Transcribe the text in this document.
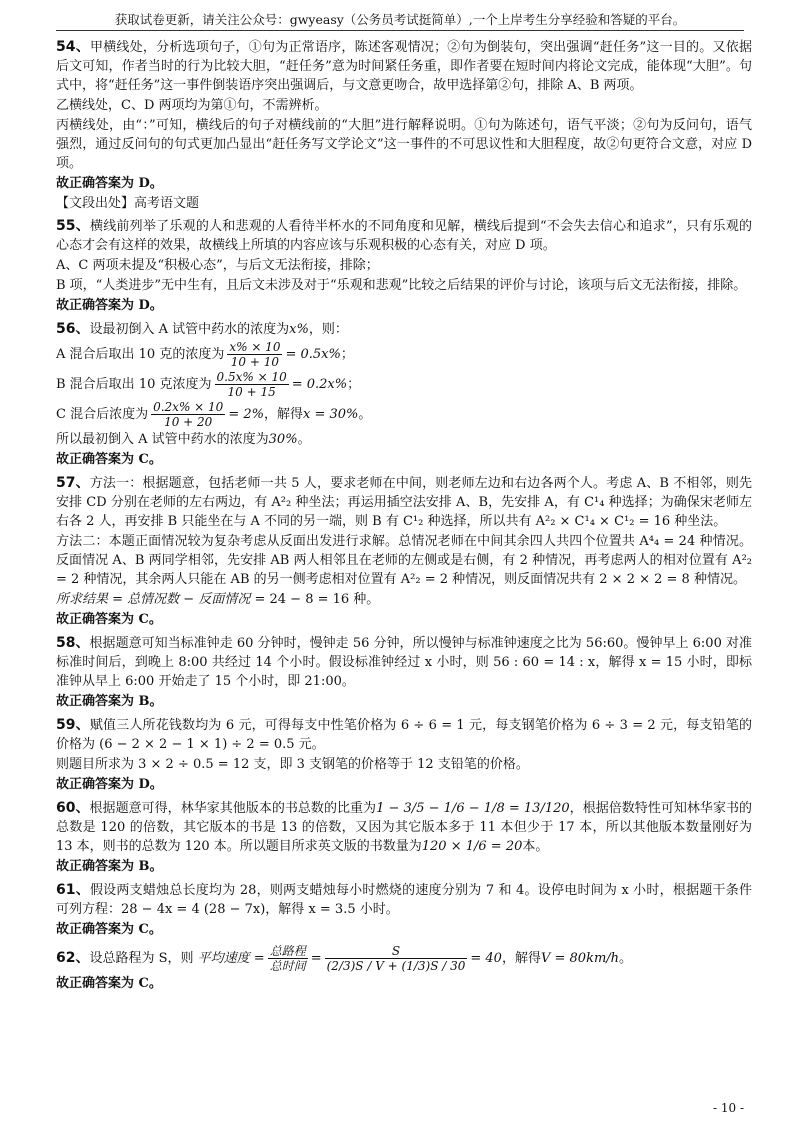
获取试卷更新，请关注公众号：gwyeasy（公务员考试挺简单）,一个上岸考生分享经验和答疑的平台。

54、甲横线处，分析选项句子，①句为正常语序，陈述客观情况；②句为倒装句，突出强调“赶任务”这一目的。又依据后文可知，作者当时的行为比较大胆，“赶任务”意为时间紧任务重，即作者要在短时间内将论文完成，能体现“大胆”。句式中，将“赶任务”这一事件倒装语序突出强调后，与文意更吻合，故甲选择第②句，排除 A、B 两项。

乙横线处，C、D 两项均为第①句，不需辨析。

丙横线处，由“：”可知，横线后的句子对横线前的“大胆”进行解释说明。①句为陈述句，语气平淡；②句为反问句，语气强烈，通过反问句的句式更加凸显出“赶任务写文学论文”这一事件的不可思议性和大胆程度，故②句更符合文意，对应 D 项。

故正确答案为 D。

【文段出处】高考语文题

55、横线前列举了乐观的人和悲观的人看待半杯水的不同角度和见解，横线后提到“不会失去信心和追求”，只有乐观的心态才会有这样的效果，故横线上所填的内容应该与乐观积极的心态有关，对应 D 项。

A、C 两项未提及“积极心态”，与后文无法衔接，排除；

B 项，“人类进步”无中生有，且后文未涉及对于“乐观和悲观”比较之后结果的评价与讨论，该项与后文无法衔接，排除。

故正确答案为 D。

56、设最初倒入 A 试管中药水的浓度为x%，则：

A 混合后取出 10 克的浓度为 $\frac{x\% \times 10}{10 + 10} = 0.5x\%$；
B 混合后取出 10 克浓度为 $\frac{0.5x\% \times 10}{10 + 15} = 0.2x\%$；
C 混合后浓度为 $\frac{0.2x\% \times 10}{10 + 20} = 2\%$，解得x = 30%。

所以最初倒入 A 试管中药水的浓度为30%。

故正确答案为 C。

57、方法一：根据题意，包括老师一共 5 人，要求老师在中间，则老师左边和右边各两个人。考虑 A、B 不相邻，则先安排 CD 分别在老师的左右两边，有 A²₂ 种坐法；再运用插空法安排 A、B，先安排 A，有 C¹₄ 种选择；为确保宋老师左右各 2 人，再安排 B 只能坐在与 A 不同的另一端，则 B 有 C¹₂ 种选择，所以共有 A²₂ × C¹₄ × C¹₂ = 16 种坐法。

方法二：本题正面情况较为复杂考虑从反面出发进行求解。总情况老师在中间其余四人共四个位置共 A⁴₄ = 24 种情况。反面情况 A、B 两同学相邻，先安排 AB 两人相邻且在老师的左侧或是右侧，有 2 种情况，再考虑两人的相对位置有 A²₂ = 2 种情况，其余两人只能在 AB 的另一侧考虑相对位置有 A²₂ = 2 种情况，则反面情况共有 2 × 2 × 2 = 8 种情况。

所求结果 = 总情况数 − 反面情况 = 24 − 8 = 16 种。

故正确答案为 C。

58、根据题意可知当标准钟走 60 分钟时，慢钟走 56 分钟，所以慢钟与标准钟速度之比为 56:60。慢钟早上 6:00 对准标准时间后，到晚上 8:00 共经过 14 个小时。假设标准钟经过 x 小时，则 56 : 60 = 14 : x，解得 x = 15 小时，即标准钟从早上 6:00 开始走了 15 个小时，即 21:00。

故正确答案为 B。

59、赋值三人所花钱数均为 6 元，可得每支中性笔价格为 6 ÷ 6 = 1 元，每支钢笔价格为 6 ÷ 3 = 2 元，每支铅笔的价格为 (6 − 2 × 2 − 1 × 1) ÷ 2 = 0.5 元。

则题目所求为 3 × 2 ÷ 0.5 = 12 支，即 3 支钢笔的价格等于 12 支铅笔的价格。

故正确答案为 D。

60、根据题意可得，林华家其他版本的书总数的比重为1 − 3/5 − 1/6 − 1/8 = 13/120，根据倍数特性可知林华家书的总数是 120 的倍数，其它版本的书是 13 的倍数，又因为其它版本多于 11 本但少于 17 本，所以其他版本数量刚好为 13 本，则书的总数为 120 本。所以题目所求英文版的书数量为120 × 1/6 = 20本。

故正确答案为 B。

61、假设两支蜡烛总长度均为 28，则两支蜡烛每小时燃烧的速度分别为 7 和 4。设停电时间为 x 小时，根据题干条件可列方程：28 − 4x = 4 (28 − 7x)，解得 x = 3.5 小时。

故正确答案为 C。

62、设总路程为 S，则 平均速度 = $\frac{\text{总路程}}{\text{总时间}} = \frac{S}{(2/3)S / V + (1/3)S / 30} = 40$，解得V = 80km/h。

故正确答案为 C。

- 10 -
